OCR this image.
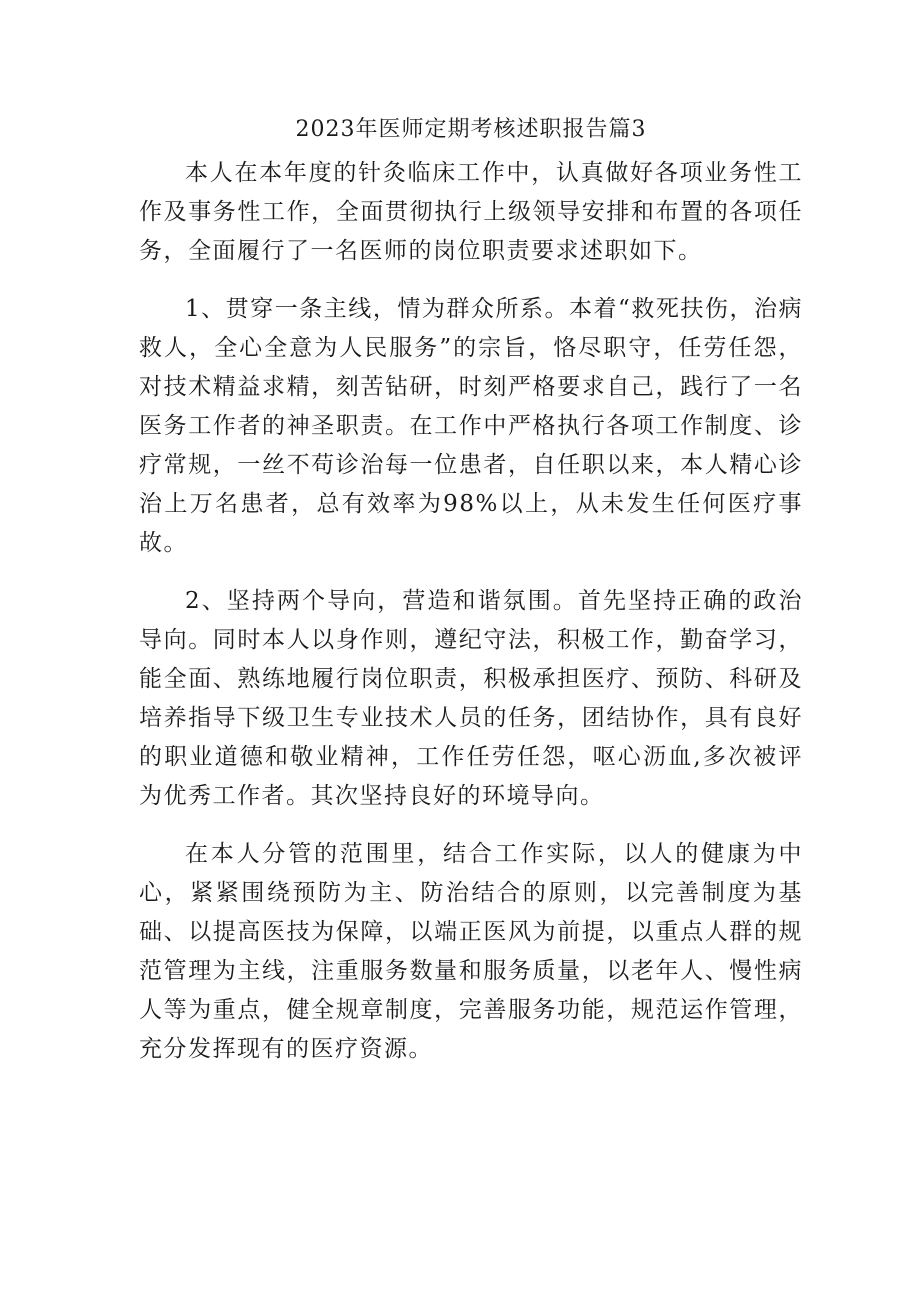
2023年医师定期考核述职报告篇3

本人在本年度的针灸临床工作中，认真做好各项业务性工作及事务性工作，全面贯彻执行上级领导安排和布置的各项任务，全面履行了一名医师的岗位职责要求述职如下。

1、贯穿一条主线，情为群众所系。本着“救死扶伤，治病救人，全心全意为人民服务”的宗旨，恪尽职守，任劳任怨，对技术精益求精，刻苦钻研，时刻严格要求自己，践行了一名医务工作者的神圣职责。在工作中严格执行各项工作制度、诊疗常规，一丝不苟诊治每一位患者，自任职以来，本人精心诊治上万名患者，总有效率为98%以上，从未发生任何医疗事故。

2、坚持两个导向，营造和谐氛围。首先坚持正确的政治导向。同时本人以身作则，遵纪守法，积极工作，勤奋学习，能全面、熟练地履行岗位职责，积极承担医疗、预防、科研及培养指导下级卫生专业技术人员的任务，团结协作，具有良好的职业道德和敬业精神，工作任劳任怨，呕心沥血,多次被评为优秀工作者。其次坚持良好的环境导向。

在本人分管的范围里，结合工作实际，以人的健康为中心，紧紧围绕预防为主、防治结合的原则，以完善制度为基础、以提高医技为保障，以端正医风为前提，以重点人群的规范管理为主线，注重服务数量和服务质量，以老年人、慢性病人等为重点，健全规章制度，完善服务功能，规范运作管理，充分发挥现有的医疗资源。
